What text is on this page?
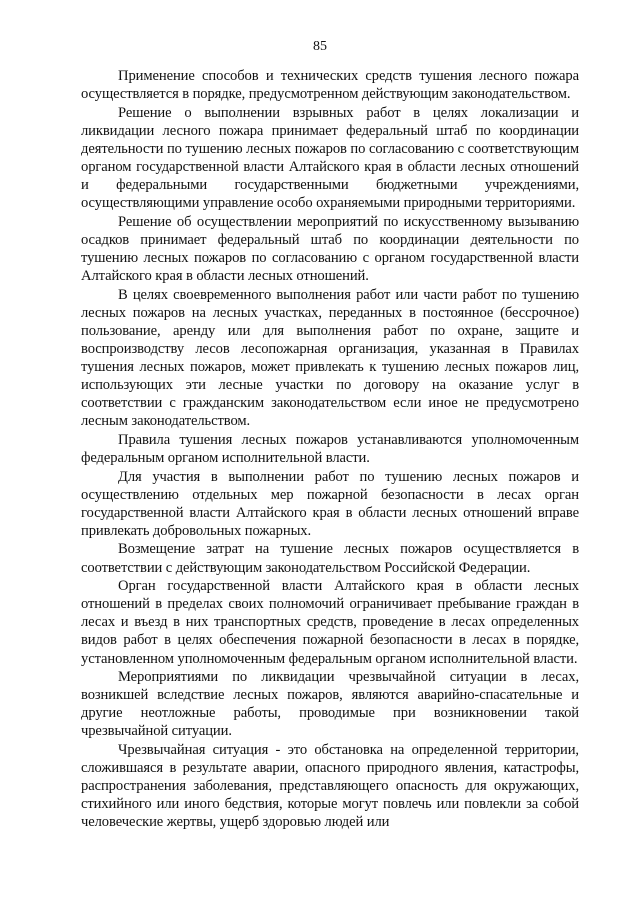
85

Применение способов и технических средств тушения лесного пожара осуществляется в порядке, предусмотренном действующим законодательством.

Решение о выполнении взрывных работ в целях локализации и ликвидации лесного пожара принимает федеральный штаб по координации деятельности по тушению лесных пожаров по согласованию с соответствующим органом государственной власти Алтайского края в области лесных отношений и федеральными государственными бюджетными учреждениями, осуществляющими управление особо охраняемыми природными территориями.

Решение об осуществлении мероприятий по искусственному вызыванию осадков принимает федеральный штаб по координации деятельности по тушению лесных пожаров по согласованию с органом государственной власти Алтайского края в области лесных отношений.

В целях своевременного выполнения работ или части работ по тушению лесных пожаров на лесных участках, переданных в постоянное (бессрочное) пользование, аренду или для выполнения работ по охране, защите и воспроизводству лесов лесопожарная организация, указанная в Правилах тушения лесных пожаров, может привлекать к тушению лесных пожаров лиц, использующих эти лесные участки по договору на оказание услуг в соответствии с гражданским законодательством если иное не предусмотрено лесным законодательством.

Правила тушения лесных пожаров устанавливаются уполномоченным федеральным органом исполнительной власти.

Для участия в выполнении работ по тушению лесных пожаров и осуществлению отдельных мер пожарной безопасности в лесах орган государственной власти Алтайского края в области лесных отношений вправе привлекать добровольных пожарных.

Возмещение затрат на тушение лесных пожаров осуществляется в соответствии с действующим законодательством Российской Федерации.

Орган государственной власти Алтайского края в области лесных отношений в пределах своих полномочий ограничивает пребывание граждан в лесах и въезд в них транспортных средств, проведение в лесах определенных видов работ в целях обеспечения пожарной безопасности в лесах в порядке, установленном уполномоченным федеральным органом исполнительной власти.

Мероприятиями по ликвидации чрезвычайной ситуации в лесах, возникшей вследствие лесных пожаров, являются аварийно-спасательные и другие неотложные работы, проводимые при возникновении такой чрезвычайной ситуации.

Чрезвычайная ситуация - это обстановка на определенной территории, сложившаяся в результате аварии, опасного природного явления, катастрофы, распространения заболевания, представляющего опасность для окружающих, стихийного или иного бедствия, которые могут повлечь или повлекли за собой человеческие жертвы, ущерб здоровью людей или
